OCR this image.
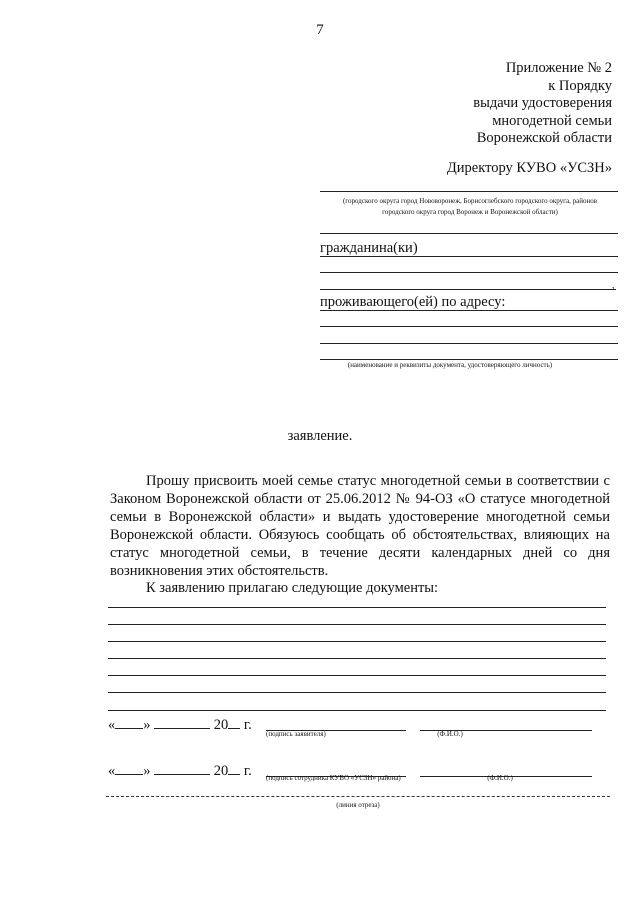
7
Приложение № 2
к Порядку
выдачи удостоверения
многодетной семьи
Воронежской области
Директору КУВО «УСЗН»
(городского округа город Нововоронеж, Борисоглебского городского округа, районов
городского округа город Воронеж и Воронежской области)
гражданина(ки)
,
проживающего(ей) по адресу:
(наименование и реквизиты документа, удостоверяющего личность)
заявление.

Прошу присвоить моей семье статус многодетной семьи в соответствии с Законом Воронежской области от 25.06.2012 № 94-ОЗ «О статусе многодетной семьи в Воронежской области» и выдать удостоверение многодетной семьи Воронежской области. Обязуюсь сообщать об обстоятельствах, влияющих на статус многодетной семьи, в течение десяти календарных дней со дня возникновения этих обстоятельств.

К заявлению прилагаю следующие документы:
« »	20 г.
(подпись заявителя)	(Ф.И.О.)
« »	20 г. (подпись сотрудника КУВО «УСЗН» района)	(Ф.И.О.)
(линия отреза)
